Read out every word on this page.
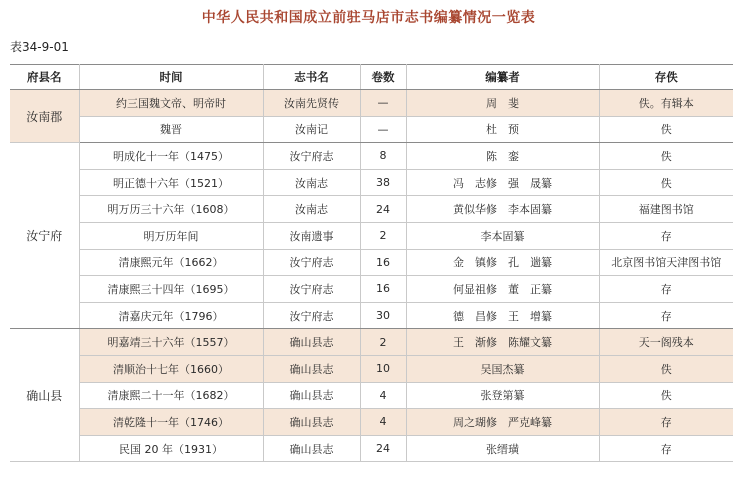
中华人民共和国成立前驻马店市志书编纂情况一览表
表34-9-01
府县名	时间	志书名	卷数	编纂者	存佚
汝南郡	约三国魏文帝、明帝时	汝南先贤传	—	周　斐	佚。有辑本
	魏晋	汝南记	—	杜　预	佚
汝宁府	明成化十一年（1475）	汝宁府志	8	陈　銮	佚
	明正德十六年（1521）	汝南志	38	冯　志修　强　晟纂	佚
	明万历三十六年（1608）	汝南志	24	黄似华修　李本固纂	福建图书馆
	明万历年间	汝南遗事	2	李本固纂	存
	清康熙元年（1662）	汝宁府志	16	金　镇修　孔　遄纂	北京图书馆天津图书馆
	清康熙三十四年（1695）	汝宁府志	16	何显祖修　董　正纂	存
	清嘉庆元年（1796）	汝宁府志	30	德　昌修　王　增纂	存
确山县	明嘉靖三十六年（1557）	确山县志	2	王　渐修　陈耀文纂	天一阁残本
	清顺治十七年（1660）	确山县志	10	吴国杰纂	佚
	清康熙二十一年（1682）	确山县志	4	张登第纂	佚
	清乾隆十一年（1746）	确山县志	4	周之瑚修　严克峰纂	存
	民国 20 年（1931）	确山县志	24	张缙璜	存
